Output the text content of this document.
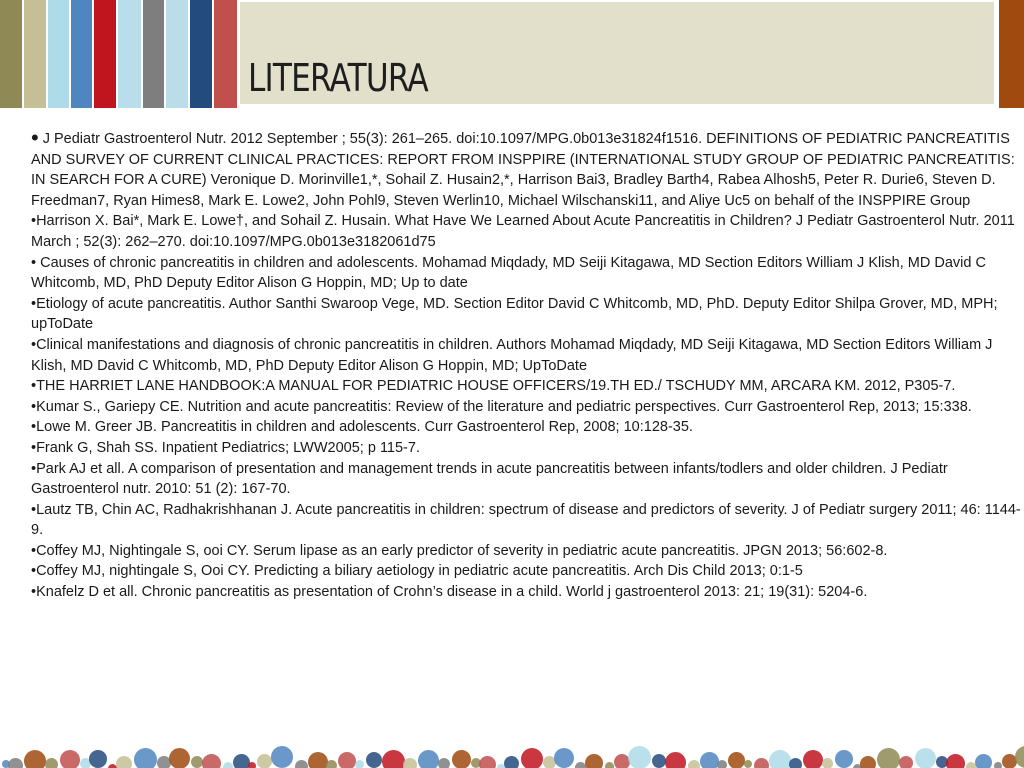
LITERATURA

• J Pediatr Gastroenterol Nutr. 2012 September ; 55(3): 261–265. doi:10.1097/MPG.0b013e31824f1516. DEFINITIONS OF PEDIATRIC PANCREATITIS AND SURVEY OF CURRENT CLINICAL PRACTICES: REPORT FROM INSPPIRE (INTERNATIONAL STUDY GROUP OF PEDIATRIC PANCREATITIS: IN SEARCH FOR A CURE) Veronique D. Morinville1,*, Sohail Z. Husain2,*, Harrison Bai3, Bradley Barth4, Rabea Alhosh5, Peter R. Durie6, Steven D. Freedman7, Ryan Himes8, Mark E. Lowe2, John Pohl9, Steven Werlin10, Michael Wilschanski11, and Aliye Uc5 on behalf of the INSPPIRE Group

•Harrison X. Bai*, Mark E. Lowe†, and Sohail Z. Husain. What Have We Learned About Acute Pancreatitis in Children? J Pediatr Gastroenterol Nutr. 2011 March ; 52(3): 262–270. doi:10.1097/MPG.0b013e3182061d75

• Causes of chronic pancreatitis in children and adolescents. Mohamad Miqdady, MD Seiji Kitagawa, MD Section Editors William J Klish, MD David C Whitcomb, MD, PhD Deputy Editor Alison G Hoppin, MD; Up to date

•Etiology of acute pancreatitis. Author Santhi Swaroop Vege, MD. Section Editor David C Whitcomb, MD, PhD. Deputy Editor Shilpa Grover, MD, MPH; upToDate

•Clinical manifestations and diagnosis of chronic pancreatitis in children. Authors Mohamad Miqdady, MD Seiji Kitagawa, MD Section Editors William J Klish, MD David C Whitcomb, MD, PhD Deputy Editor Alison G Hoppin, MD; UpToDate

•THE HARRIET LANE HANDBOOK:A MANUAL FOR PEDIATRIC HOUSE OFFICERS/19.TH ED./ TSCHUDY MM, ARCARA KM. 2012, P305-7.

•Kumar S., Gariepy CE. Nutrition and acute pancreatitis: Review of the literature and pediatric perspectives. Curr Gastroenterol Rep, 2013; 15:338.

•Lowe M. Greer JB. Pancreatitis in children and adolescents. Curr Gastroenterol Rep, 2008; 10:128-35.

•Frank G, Shah SS. Inpatient Pediatrics; LWW2005; p 115-7.

•Park AJ et all. A comparison of presentation and management trends in acute pancreatitis between infants/todlers and older children. J Pediatr Gastroenterol nutr. 2010: 51 (2): 167-70.

•Lautz TB, Chin AC, Radhakrishhanan J. Acute pancreatitis in children: spectrum of disease and predictors of severity. J of Pediatr surgery 2011; 46: 1144-9.

•Coffey MJ, Nightingale S, ooi CY. Serum lipase as an early predictor of severity in pediatric acute pancreatitis. JPGN 2013; 56:602-8.

•Coffey MJ, nightingale S, Ooi CY. Predicting a biliary aetiology in pediatric acute pancreatitis. Arch Dis Child 2013; 0:1-5

•Knafelz D et all. Chronic pancreatitis as presentation of Crohn’s disease in a child. World j gastroenterol 2013: 21; 19(31): 5204-6.
